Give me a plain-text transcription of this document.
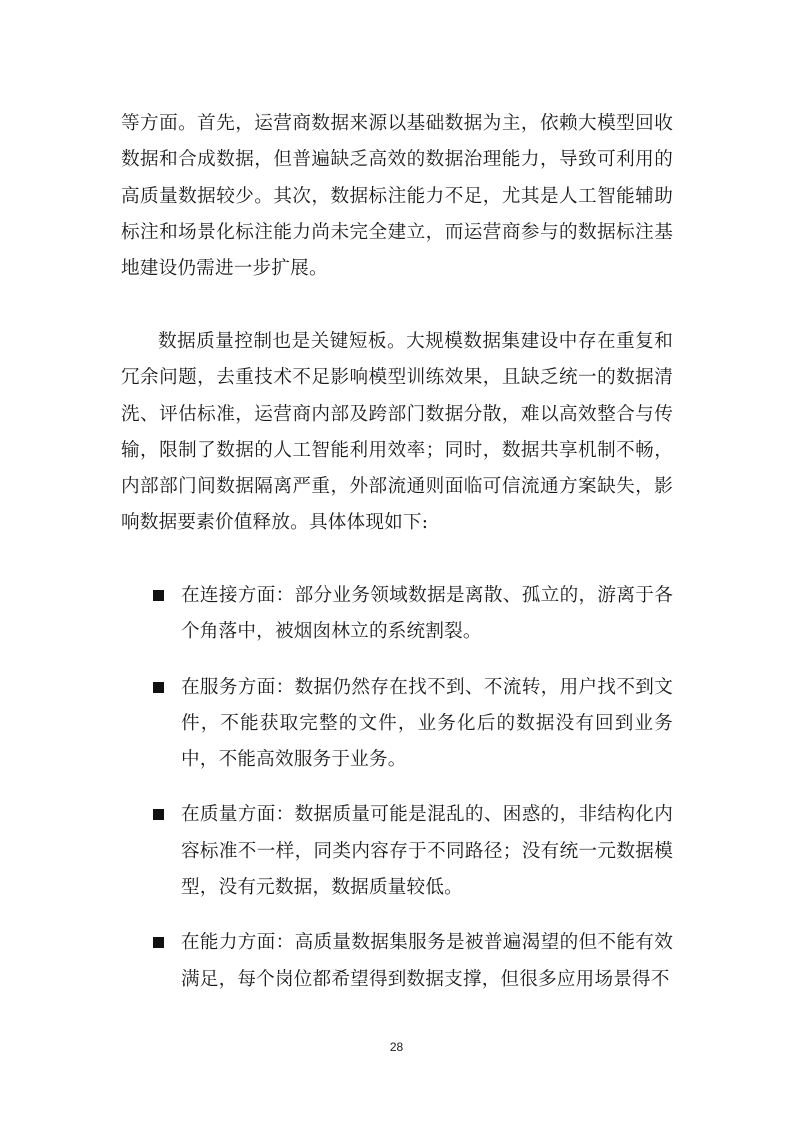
等方面。首先，运营商数据来源以基础数据为主，依赖大模型回收数据和合成数据，但普遍缺乏高效的数据治理能力，导致可利用的高质量数据较少。其次，数据标注能力不足，尤其是人工智能辅助标注和场景化标注能力尚未完全建立，而运营商参与的数据标注基地建设仍需进一步扩展。
数据质量控制也是关键短板。大规模数据集建设中存在重复和冗余问题，去重技术不足影响模型训练效果，且缺乏统一的数据清洗、评估标准，运营商内部及跨部门数据分散，难以高效整合与传输，限制了数据的人工智能利用效率；同时，数据共享机制不畅，内部部门间数据隔离严重，外部流通则面临可信流通方案缺失，影响数据要素价值释放。具体体现如下:
在连接方面：部分业务领域数据是离散、孤立的，游离于各个角落中，被烟囱林立的系统割裂。
在服务方面：数据仍然存在找不到、不流转，用户找不到文件，不能获取完整的文件，业务化后的数据没有回到业务中，不能高效服务于业务。
在质量方面：数据质量可能是混乱的、困惑的，非结构化内容标准不一样，同类内容存于不同路径；没有统一元数据模型，没有元数据，数据质量较低。
在能力方面：高质量数据集服务是被普遍渴望的但不能有效满足，每个岗位都希望得到数据支撑，但很多应用场景得不
28
